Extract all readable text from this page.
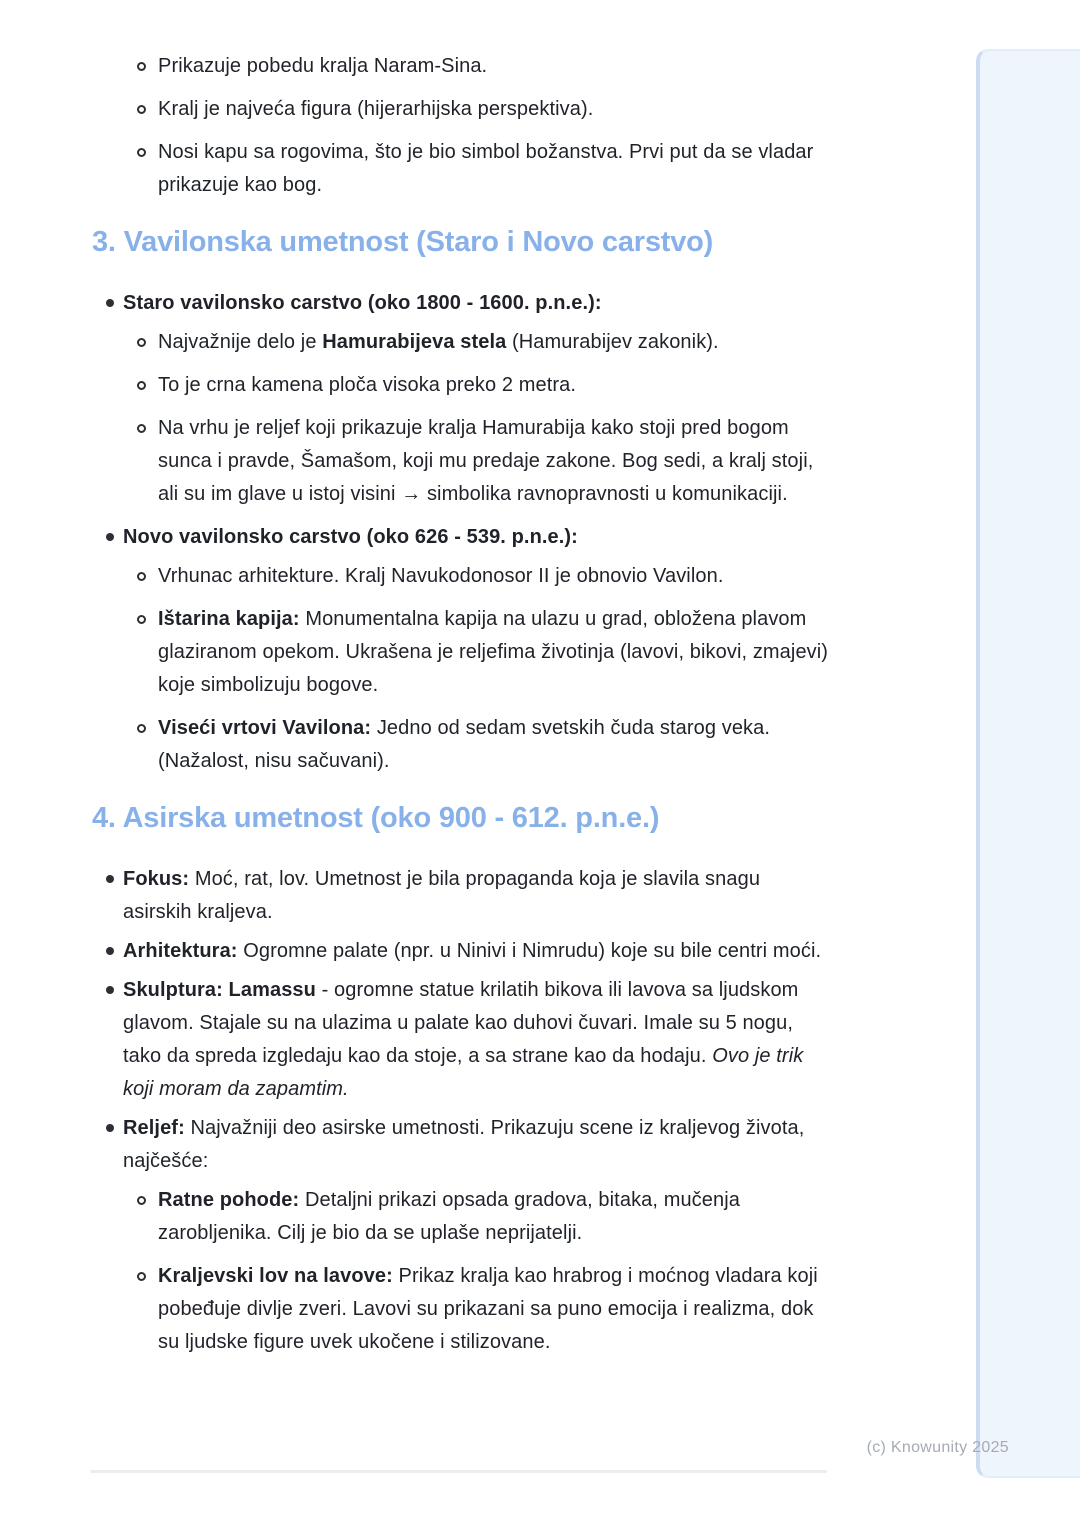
Prikazuje pobedu kralja Naram-Sina.
Kralj je najveća figura (hijerarhijska perspektiva).
Nosi kapu sa rogovima, što je bio simbol božanstva. Prvi put da se vladar prikazuje kao bog.
3. Vavilonska umetnost (Staro i Novo carstvo)
Staro vavilonsko carstvo (oko 1800 - 1600. p.n.e.):
Najvažnije delo je Hamurabijeva stela (Hamurabijev zakonik).
To je crna kamena ploča visoka preko 2 metra.
Na vrhu je reljef koji prikazuje kralja Hamurabija kako stoji pred bogom sunca i pravde, Šamašom, koji mu predaje zakone. Bog sedi, a kralj stoji, ali su im glave u istoj visini → simbolika ravnopravnosti u komunikaciji.
Novo vavilonsko carstvo (oko 626 - 539. p.n.e.):
Vrhunac arhitekture. Kralj Navukodonosor II je obnovio Vavilon.
Ištarina kapija: Monumentalna kapija na ulazu u grad, obložena plavom glaziranom opekom. Ukrašena je reljefima životinja (lavovi, bikovi, zmajevi) koje simbolizuju bogove.
Viseći vrtovi Vavilona: Jedno od sedam svetskih čuda starog veka. (Nažalost, nisu sačuvani).
4. Asirska umetnost (oko 900 - 612. p.n.e.)
Fokus: Moć, rat, lov. Umetnost je bila propaganda koja je slavila snagu asirskih kraljeva.
Arhitektura: Ogromne palate (npr. u Ninivi i Nimrudu) koje su bile centri moći.
Skulptura: Lamassu - ogromne statue krilatih bikova ili lavova sa ljudskom glavom. Stajale su na ulazima u palate kao duhovi čuvari. Imale su 5 nogu, tako da spreda izgledaju kao da stoje, a sa strane kao da hodaju. Ovo je trik koji moram da zapamtim.
Reljef: Najvažniji deo asirske umetnosti. Prikazuju scene iz kraljevog života, najčešće:
Ratne pohode: Detaljni prikazi opsada gradova, bitaka, mučenja zarobljenika. Cilj je bio da se uplaše neprijatelji.
Kraljevski lov na lavove: Prikaz kralja kao hrabrog i moćnog vladara koji pobeđuje divlje zveri. Lavovi su prikazani sa puno emocija i realizma, dok su ljudske figure uvek ukočene i stilizovane.
(c) Knowunity 2025
